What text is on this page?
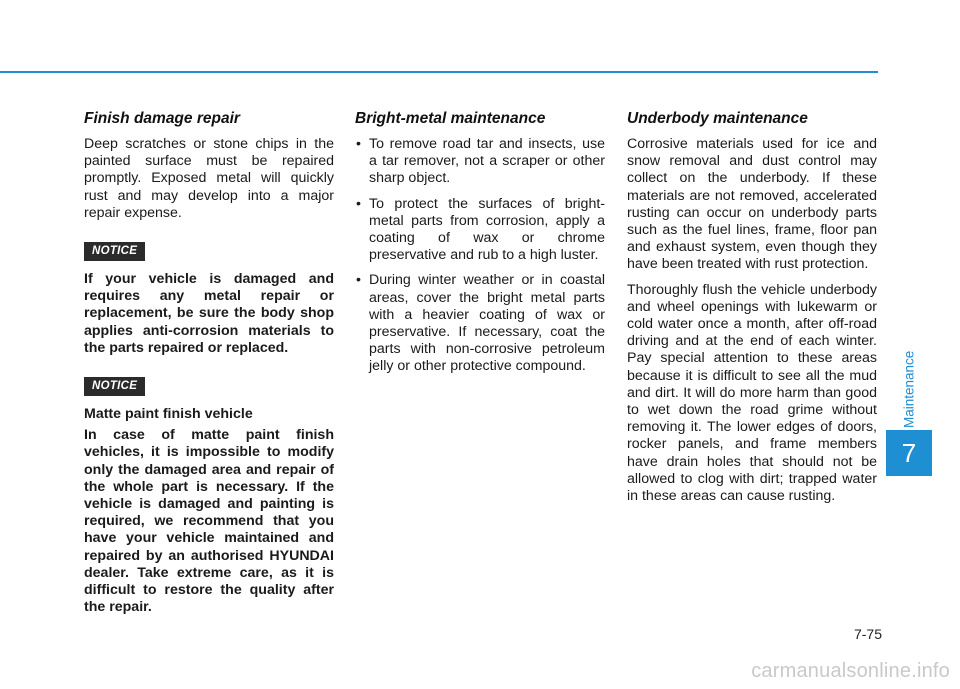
Finish damage repair

Deep scratches or stone chips in the painted surface must be repaired promptly. Exposed metal will quickly rust and may develop into a major repair expense.

NOTICE

If your vehicle is damaged and requires any metal repair or replacement, be sure the body shop applies anti-corrosion materials to the parts repaired or replaced.

NOTICE

Matte paint finish vehicle

In case of matte paint finish vehicles, it is impossible to modify only the damaged area and repair of the whole part is necessary. If the vehicle is damaged and painting is required, we recommend that you have your vehicle maintained and repaired by an authorised HYUNDAI dealer. Take extreme care, as it is difficult to restore the quality after the repair.

Bright-metal maintenance
• To remove road tar and insects, use a tar remover, not a scraper or other sharp object.
• To protect the surfaces of bright-metal parts from corrosion, apply a coating of wax or chrome preservative and rub to a high luster.
• During winter weather or in coastal areas, cover the bright metal parts with a heavier coating of wax or preservative. If necessary, coat the parts with non-corrosive petroleum jelly or other protective compound.
Underbody maintenance

Corrosive materials used for ice and snow removal and dust control may collect on the underbody. If these materials are not removed, accelerated rusting can occur on underbody parts such as the fuel lines, frame, floor pan and exhaust system, even though they have been treated with rust protection.

Thoroughly flush the vehicle underbody and wheel openings with lukewarm or cold water once a month, after off-road driving and at the end of each winter. Pay special attention to these areas because it is difficult to see all the mud and dirt. It will do more harm than good to wet down the road grime without removing it. The lower edges of doors, rocker panels, and frame members have drain holes that should not be allowed to clog with dirt; trapped water in these areas can cause rusting.

Maintenance
7
7-75
carmanualsonline.info
